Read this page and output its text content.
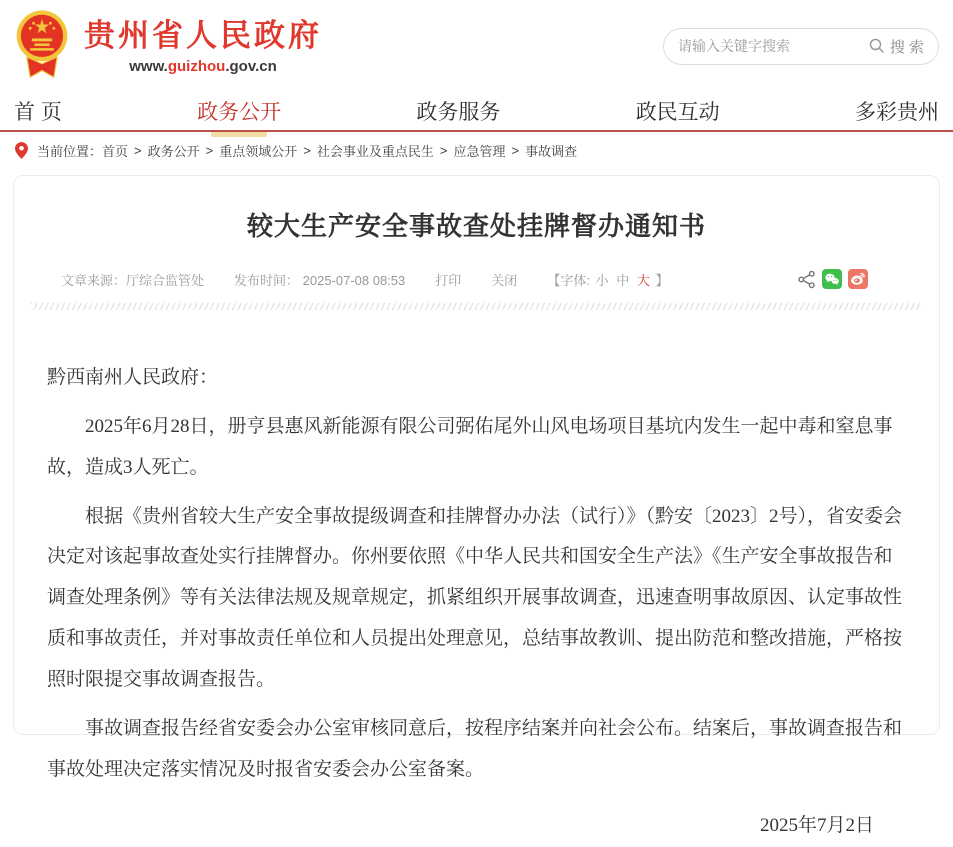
贵州省人民政府
www.guizhou.gov.cn
请输入关键字搜索
搜 索
首 页	政务公开	政务服务	政民互动	多彩贵州
当前位置： 首页 > 政务公开 > 重点领域公开 > 社会事业及重点民生 > 应急管理 > 事故调查
较大生产安全事故查处挂牌督办通知书
文章来源：厅综合监管处 发布时间： 2025-07-08 08:53 打印 关闭 【字体: 小 中 大 】

黔西南州人民政府：

2025年6月28日，册亨县惠风新能源有限公司弼佑尾外山风电场项目基坑内发生一起中毒和窒息事故，造成3人死亡。

根据《贵州省较大生产安全事故提级调查和挂牌督办办法（试行）》（黔安〔2023〕2号），省安委会决定对该起事故查处实行挂牌督办。你州要依照《中华人民共和国安全生产法》《生产安全事故报告和调查处理条例》等有关法律法规及规章规定，抓紧组织开展事故调查，迅速查明事故原因、认定事故性质和事故责任，并对事故责任单位和人员提出处理意见，总结事故教训、提出防范和整改措施，严格按照时限提交事故调查报告。

事故调查报告经省安委会办公室审核同意后，按程序结案并向社会公布。结案后，事故调查报告和事故处理决定落实情况及时报省安委会办公室备案。

2025年7月2日
